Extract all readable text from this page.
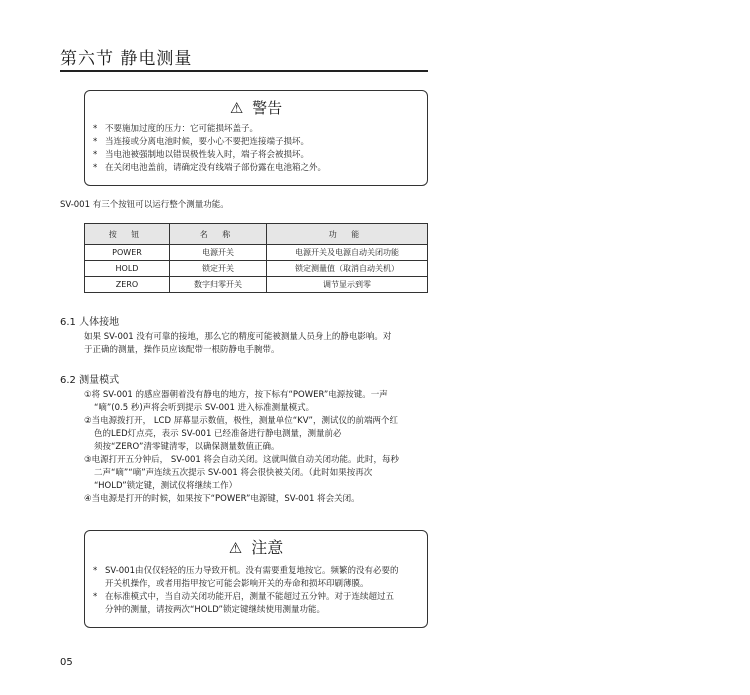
第六节 静电测量
⚠ 警告
* 不要施加过度的压力：它可能损坏盖子。
* 当连接或分离电池时候，要小心不要把连接端子损坏。
* 当电池被强制地以错误极性装入时，端子将会被损坏。
* 在关闭电池盖前，请确定没有线端子部份露在电池箱之外。
SV-001 有三个按钮可以运行整个测量功能。
按 钮	名 称	功 能
POWER	电源开关	电源开关及电源自动关闭功能
HOLD	锁定开关	锁定测量值（取消自动关机）
ZERO	数字归零开关	调节显示到零
6.1 人体接地
如果 SV-001 没有可靠的接地，那么它的精度可能被测量人员身上的静电影响。对
于正确的测量，操作员应该配带一根防静电手腕带。
6.2 测量模式
①将 SV-001 的感应器朝着没有静电的地方，按下标有“POWER”电源按键。一声
“嘀”(0.5 秒)声将会听到提示 SV-001 进入标准测量模式。
②当电源拨打开， LCD 屏幕显示数值，极性，测量单位“KV”，测试仪的前端两个红
色的LED灯点亮，表示 SV-001 已经准备进行静电测量，测量前必
须按“ZERO”清零键清零，以确保测量数值正确。
③电源打开五分钟后， SV-001 将会自动关闭。这就叫做自动关闭功能。此时，每秒
二声“嘀”“嘀”声连续五次提示 SV-001 将会很快被关闭。（此时如果按再次
“HOLD”锁定键，测试仪将继续工作）
④当电源是打开的时候，如果按下“POWER”电源键，SV-001 将会关闭。
⚠ 注意
* SV-001由仅仅轻轻的压力导致开机。没有需要重复地按它。频繁的没有必要的
开关机操作，或者用指甲按它可能会影响开关的寿命和损坏印刷薄膜。
* 在标准模式中，当自动关闭功能开启，测量不能超过五分钟。对于连续超过五
分钟的测量，请按两次“HOLD”锁定键继续使用测量功能。
05
